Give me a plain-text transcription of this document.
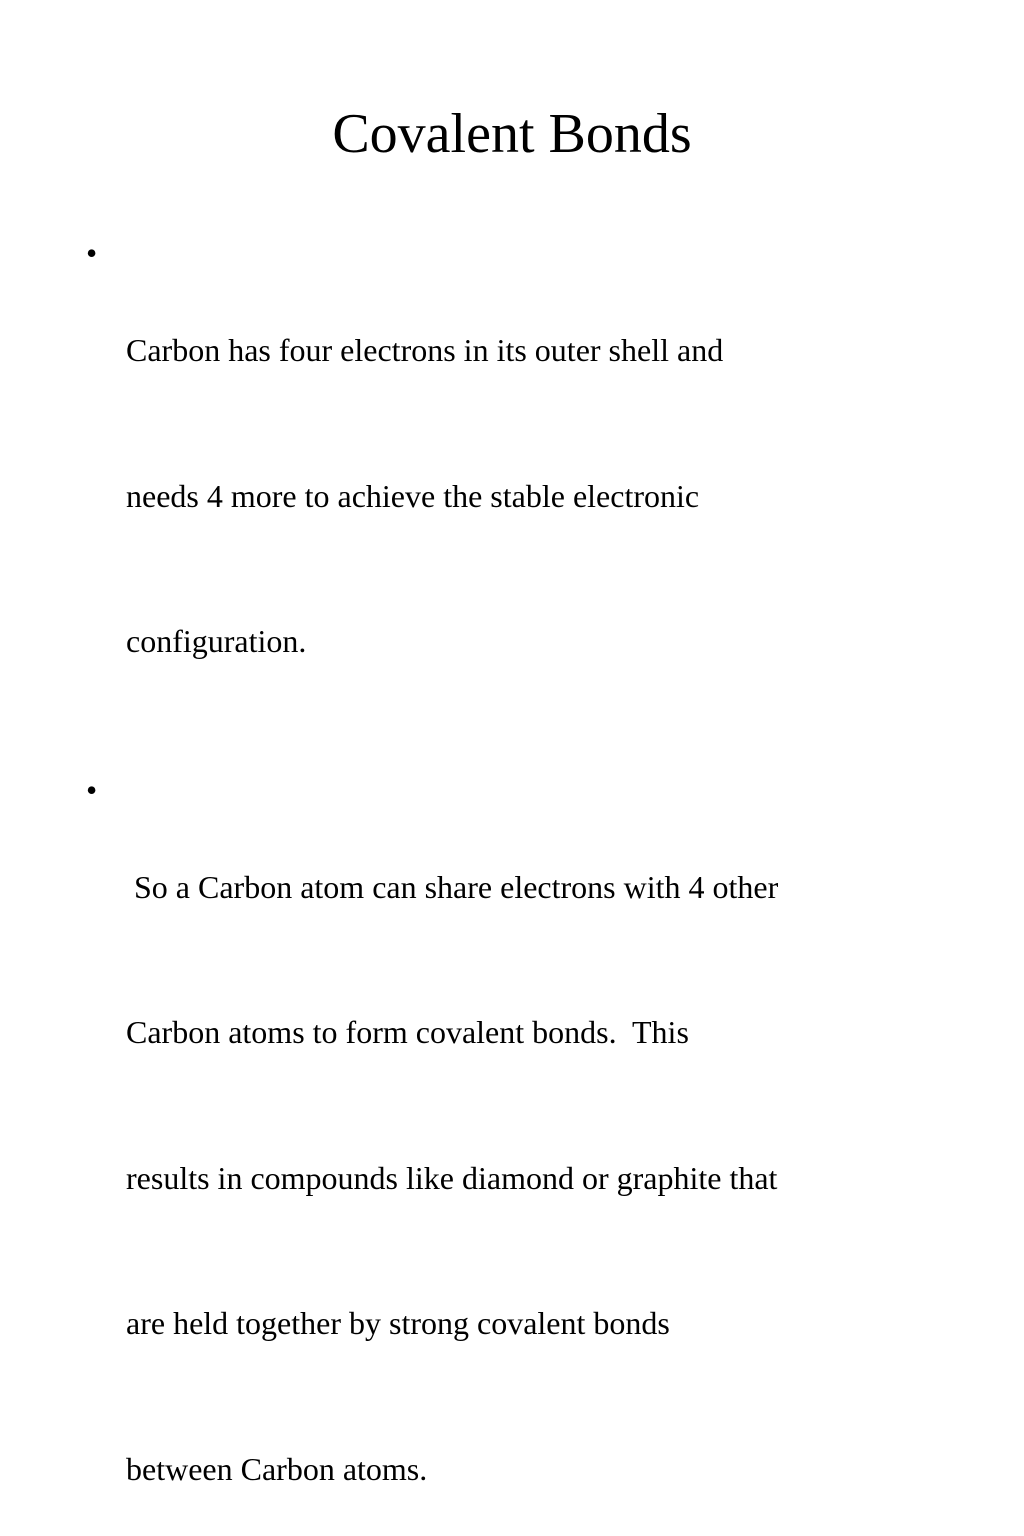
Covalent Bonds
•

Carbon has four electrons in its outer shell and

needs 4 more to achieve the stable electronic

configuration.

•

So a Carbon atom can share electrons with 4 other

Carbon atoms to form covalent bonds.  This

results in compounds like diamond or graphite that

are held together by strong covalent bonds

between Carbon atoms.
